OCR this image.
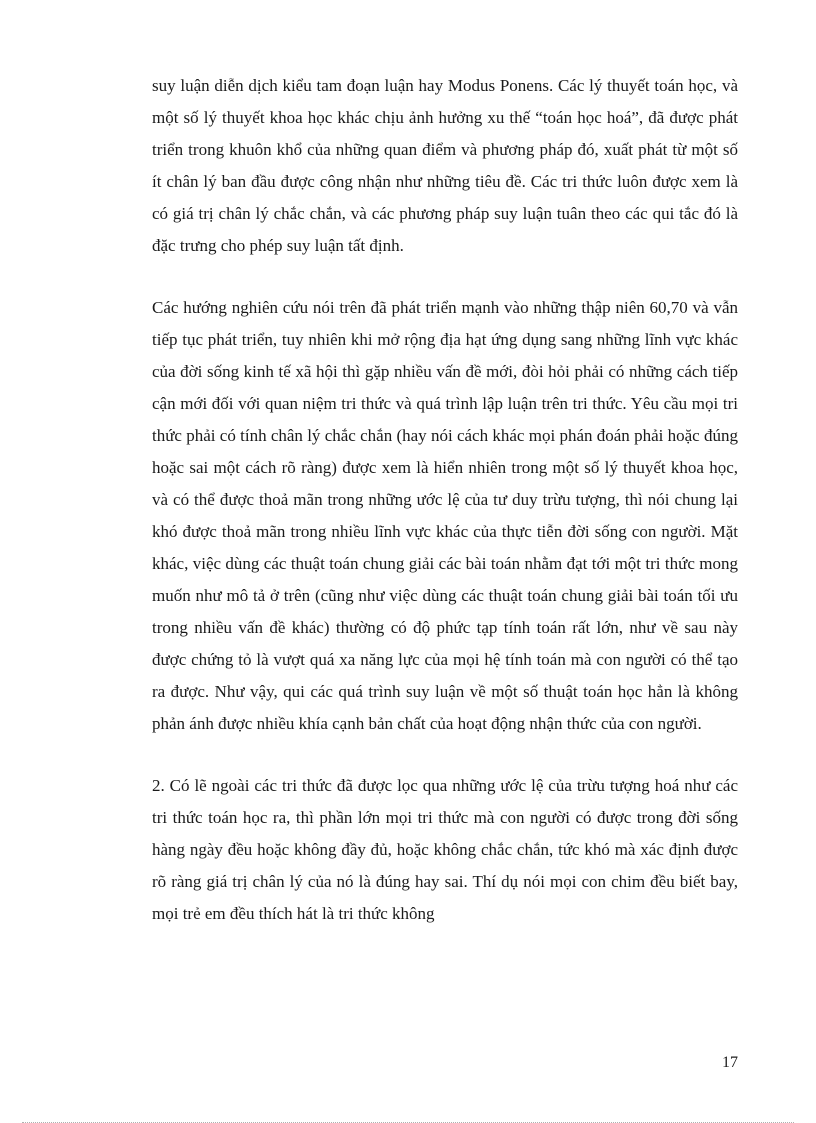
suy luận diễn dịch kiểu tam đoạn luận hay Modus Ponens. Các lý thuyết toán học, và một số lý thuyết khoa học khác chịu ảnh hưởng xu thế “toán học hoá”, đã được phát triển trong khuôn khổ của những quan điểm và phương pháp đó, xuất phát từ một số ít chân lý ban đầu được công nhận như những tiêu đề. Các tri thức luôn được xem là có giá trị chân lý chắc chắn, và các phương pháp suy luận tuân theo các qui tắc đó là đặc trưng cho phép suy luận tất định.

Các hướng nghiên cứu nói trên đã phát triển mạnh vào những thập niên 60,70 và vẫn tiếp tục phát triển, tuy nhiên khi mở rộng địa hạt ứng dụng sang những lĩnh vực khác của đời sống kinh tế xã hội thì gặp nhiều vấn đề mới, đòi hỏi phải có những cách tiếp cận mới đối với quan niệm tri thức và quá trình lập luận trên tri thức. Yêu cầu mọi tri thức phải có tính chân lý chắc chắn (hay nói cách khác mọi phán đoán phải hoặc đúng hoặc sai một cách rõ ràng) được xem là hiển nhiên trong một số lý thuyết khoa học, và có thể được thoả mãn trong những ước lệ của tư duy trừu tượng, thì nói chung lại khó được thoả mãn trong nhiều lĩnh vực khác của thực tiễn đời sống con người. Mặt khác, việc dùng các thuật toán chung giải các bài toán nhằm đạt tới một tri thức mong muốn như mô tả ở trên (cũng như việc dùng các thuật toán chung giải bài toán tối ưu trong nhiều vấn đề khác) thường có độ phức tạp tính toán rất lớn, như về sau này được chứng tỏ là vượt quá xa năng lực của mọi hệ tính toán mà con người có thể tạo ra được. Như vậy, qui các quá trình suy luận về một số thuật toán học hẳn là không phản ánh được nhiều khía cạnh bản chất của hoạt động nhận thức của con người.

2. Có lẽ ngoài các tri thức đã được lọc qua những ước lệ của trừu tượng hoá như các tri thức toán học ra, thì phần lớn mọi tri thức mà con người có được trong đời sống hàng ngày đều hoặc không đầy đủ, hoặc không chắc chắn, tức khó mà xác định được rõ ràng giá trị chân lý của nó là đúng hay sai. Thí dụ nói mọi con chim đều biết bay, mọi trẻ em đều thích hát là tri thức không

17
